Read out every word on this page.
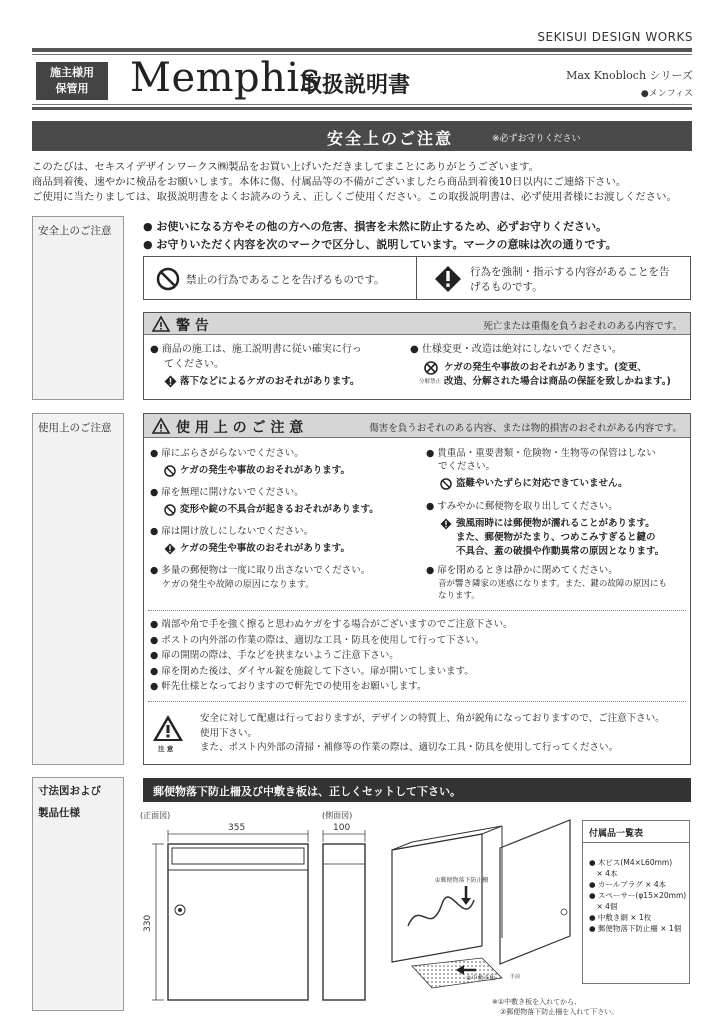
SEKISUI DESIGN WORKS
施主様用
保管用	Memphis
取扱説明書	Max Knobloch シリーズ
●メンフィス
安全上のご注意	※必ずお守りください
このたびは、セキスイデザインワークス㈱製品をお買い上げいただきましてまことにありがとうございます。
商品到着後、速やかに検品をお願いします。本体に傷、付属品等の不備がございましたら商品到着後10日以内にご連絡下さい。
ご使用に当たりましては、取扱説明書をよくお読みのうえ、正しくご使用ください。この取扱説明書は、必ず使用者様にお渡しください。
安全上のご注意	● お使いになる方やその他の方への危害、損害を未然に防止するため、必ずお守りください。
● お守りいただく内容を次のマークで区分し、説明しています。マークの意味は次の通りです。
禁止の行為であることを告げるものです。
行為を強制・指示する内容があることを告
げるものです。
警 告	死亡または重傷を負うおそれのある内容です。
● 商品の施工は、施工説明書に従い確実に行っ
てください。
落下などによるケガのおそれがあります。
● 仕様変更・改造は絶対にしないでください。
分解禁止
ケガの発生や事故のおそれがあります。(変更、
改造、分解された場合は商品の保証を致しかねます。)
使用上のご注意	使 用 上 の ご 注 意	傷害を負うおそれのある内容、または物的損害のおそれがある内容です。
● 扉にぶらさがらないでください。
ケガの発生や事故のおそれがあります。
● 扉を無理に開けないでください。
変形や錠の不具合が起きるおそれがあります。
● 扉は開け放しにしないでください。
ケガの発生や事故のおそれがあります。
● 多量の郵便物は一度に取り出さないでください。
ケガの発生や故障の原因になります。
● 貴重品・重要書類・危険物・生物等の保管はしない
でください。
盗難やいたずらに対応できていません。
● すみやかに郵便物を取り出してください。
強風雨時には郵便物が濡れることがあります。
また、郵便物がたまり、つめこみすぎると鍵の
不具合、蓋の破損や作動異常の原因となります。
● 扉を閉めるときは静かに閉めてください。
音が響き隣家の迷惑になります。また、鍵の故障の原因にも
なります。
● 端部や角で手を強く擦ると思わぬケガをする場合がございますのでご注意下さい。
● ポストの内外部の作業の際は、適切な工具・防具を使用して行って下さい。
● 扉の開閉の際は、手などを挟まないようご注意下さい。
● 扉を閉めた後は、ダイヤル錠を施錠して下さい。扉が開いてしまいます。
● 軒先仕様となっておりますので軒先での使用をお願いします。
注 意
安全に対して配慮は行っておりますが、デザインの特質上、角が鋭角になっておりますので、ご注意下さい。
使用下さい。
また、ポスト内外部の清掃・補修等の作業の際は、適切な工具・防具を使用して行ってください。
寸法図および
製品仕様
郵便物落下防止柵及び中敷き板は、正しくセットして下さい。
(正面図)	(側面図)
355	100
330
①郵便物落下防止柵
②中敷き板	手前
※①中敷き板を入れてから、
②郵便物落下防止柵を入れて下さい。
付属品一覧表
● 木ビス(M4×L60mm)
　× 4本
● カールプラグ × 4本
● スペーサー(φ15×20mm)
　× 4個
● 中敷き網 × 1枚
● 郵便物落下防止柵 × 1個
